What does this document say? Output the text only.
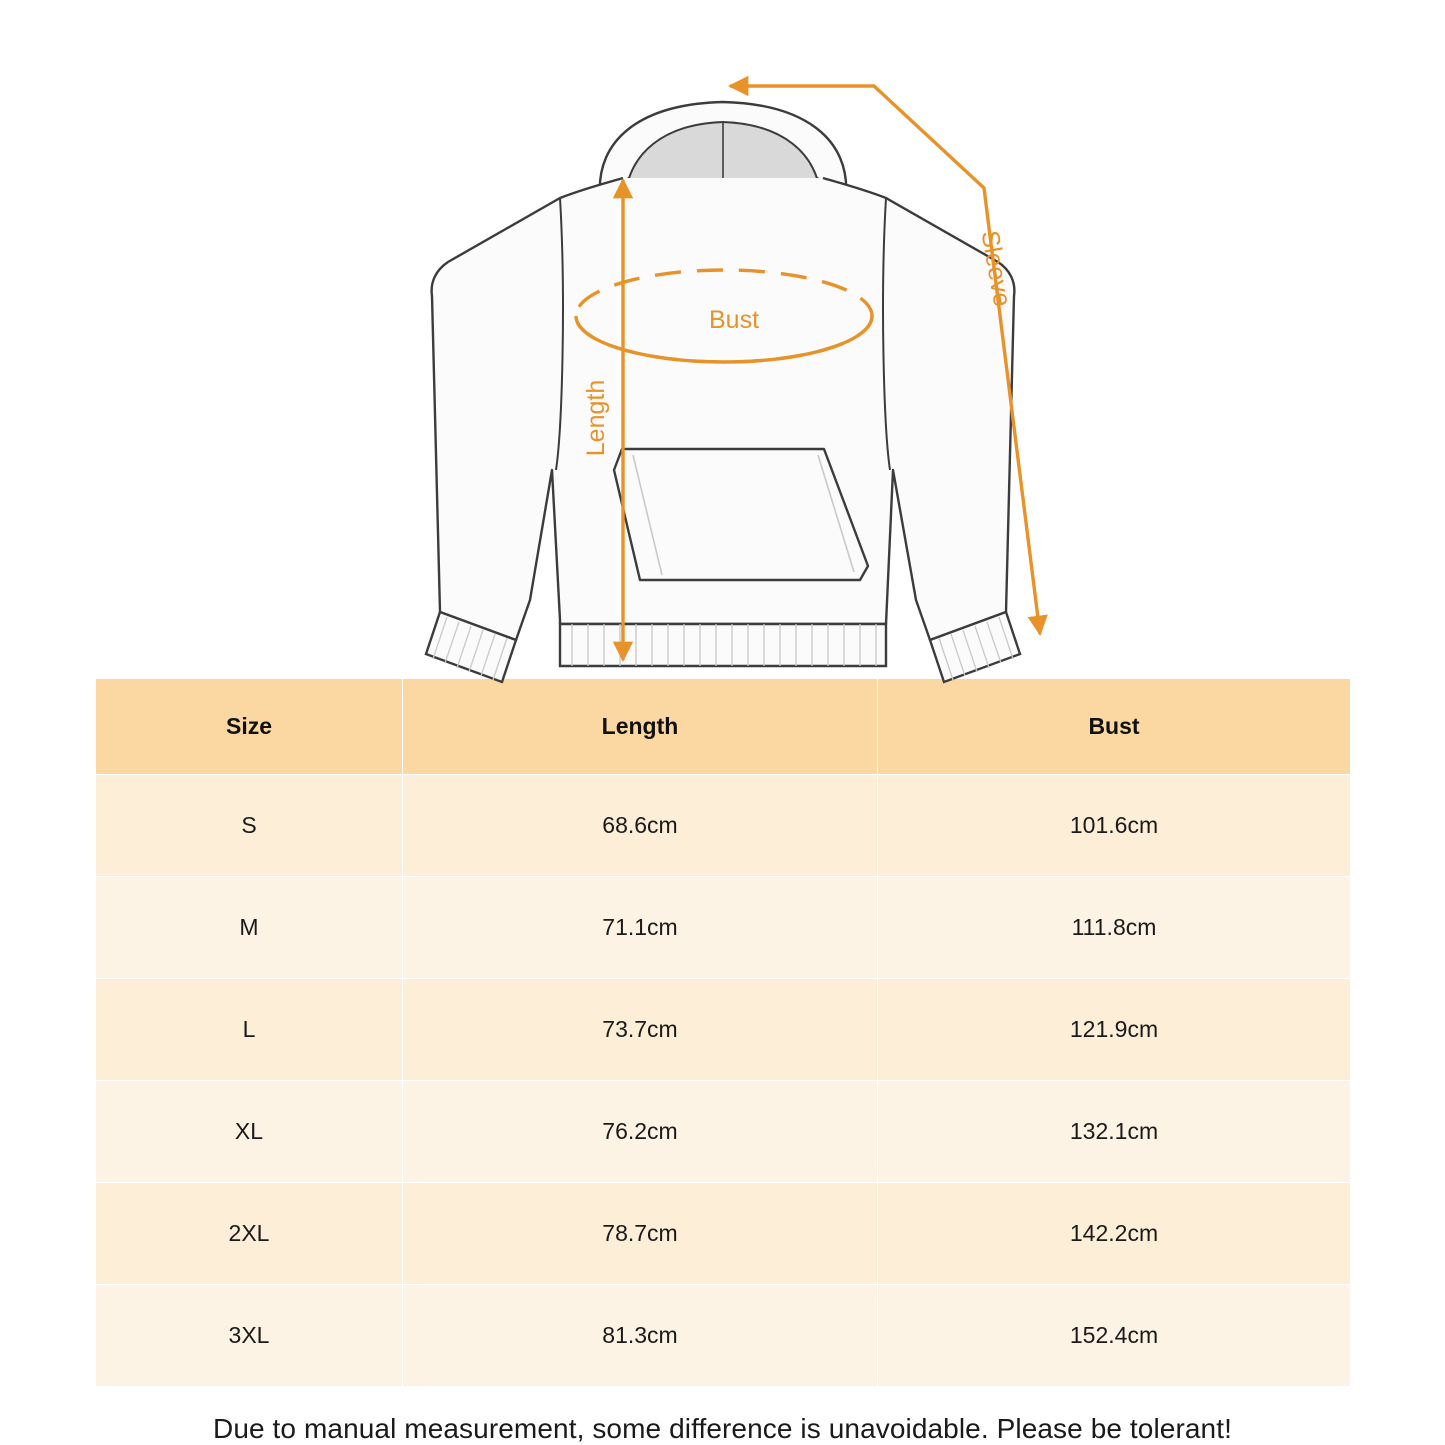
Length
Bust
Sleeve
Size	Length	Bust
S	68.6cm	101.6cm
M	71.1cm	111.8cm
L	73.7cm	121.9cm
XL	76.2cm	132.1cm
2XL	78.7cm	142.2cm
3XL	81.3cm	152.4cm
Due to manual measurement, some difference is unavoidable. Please be tolerant!
